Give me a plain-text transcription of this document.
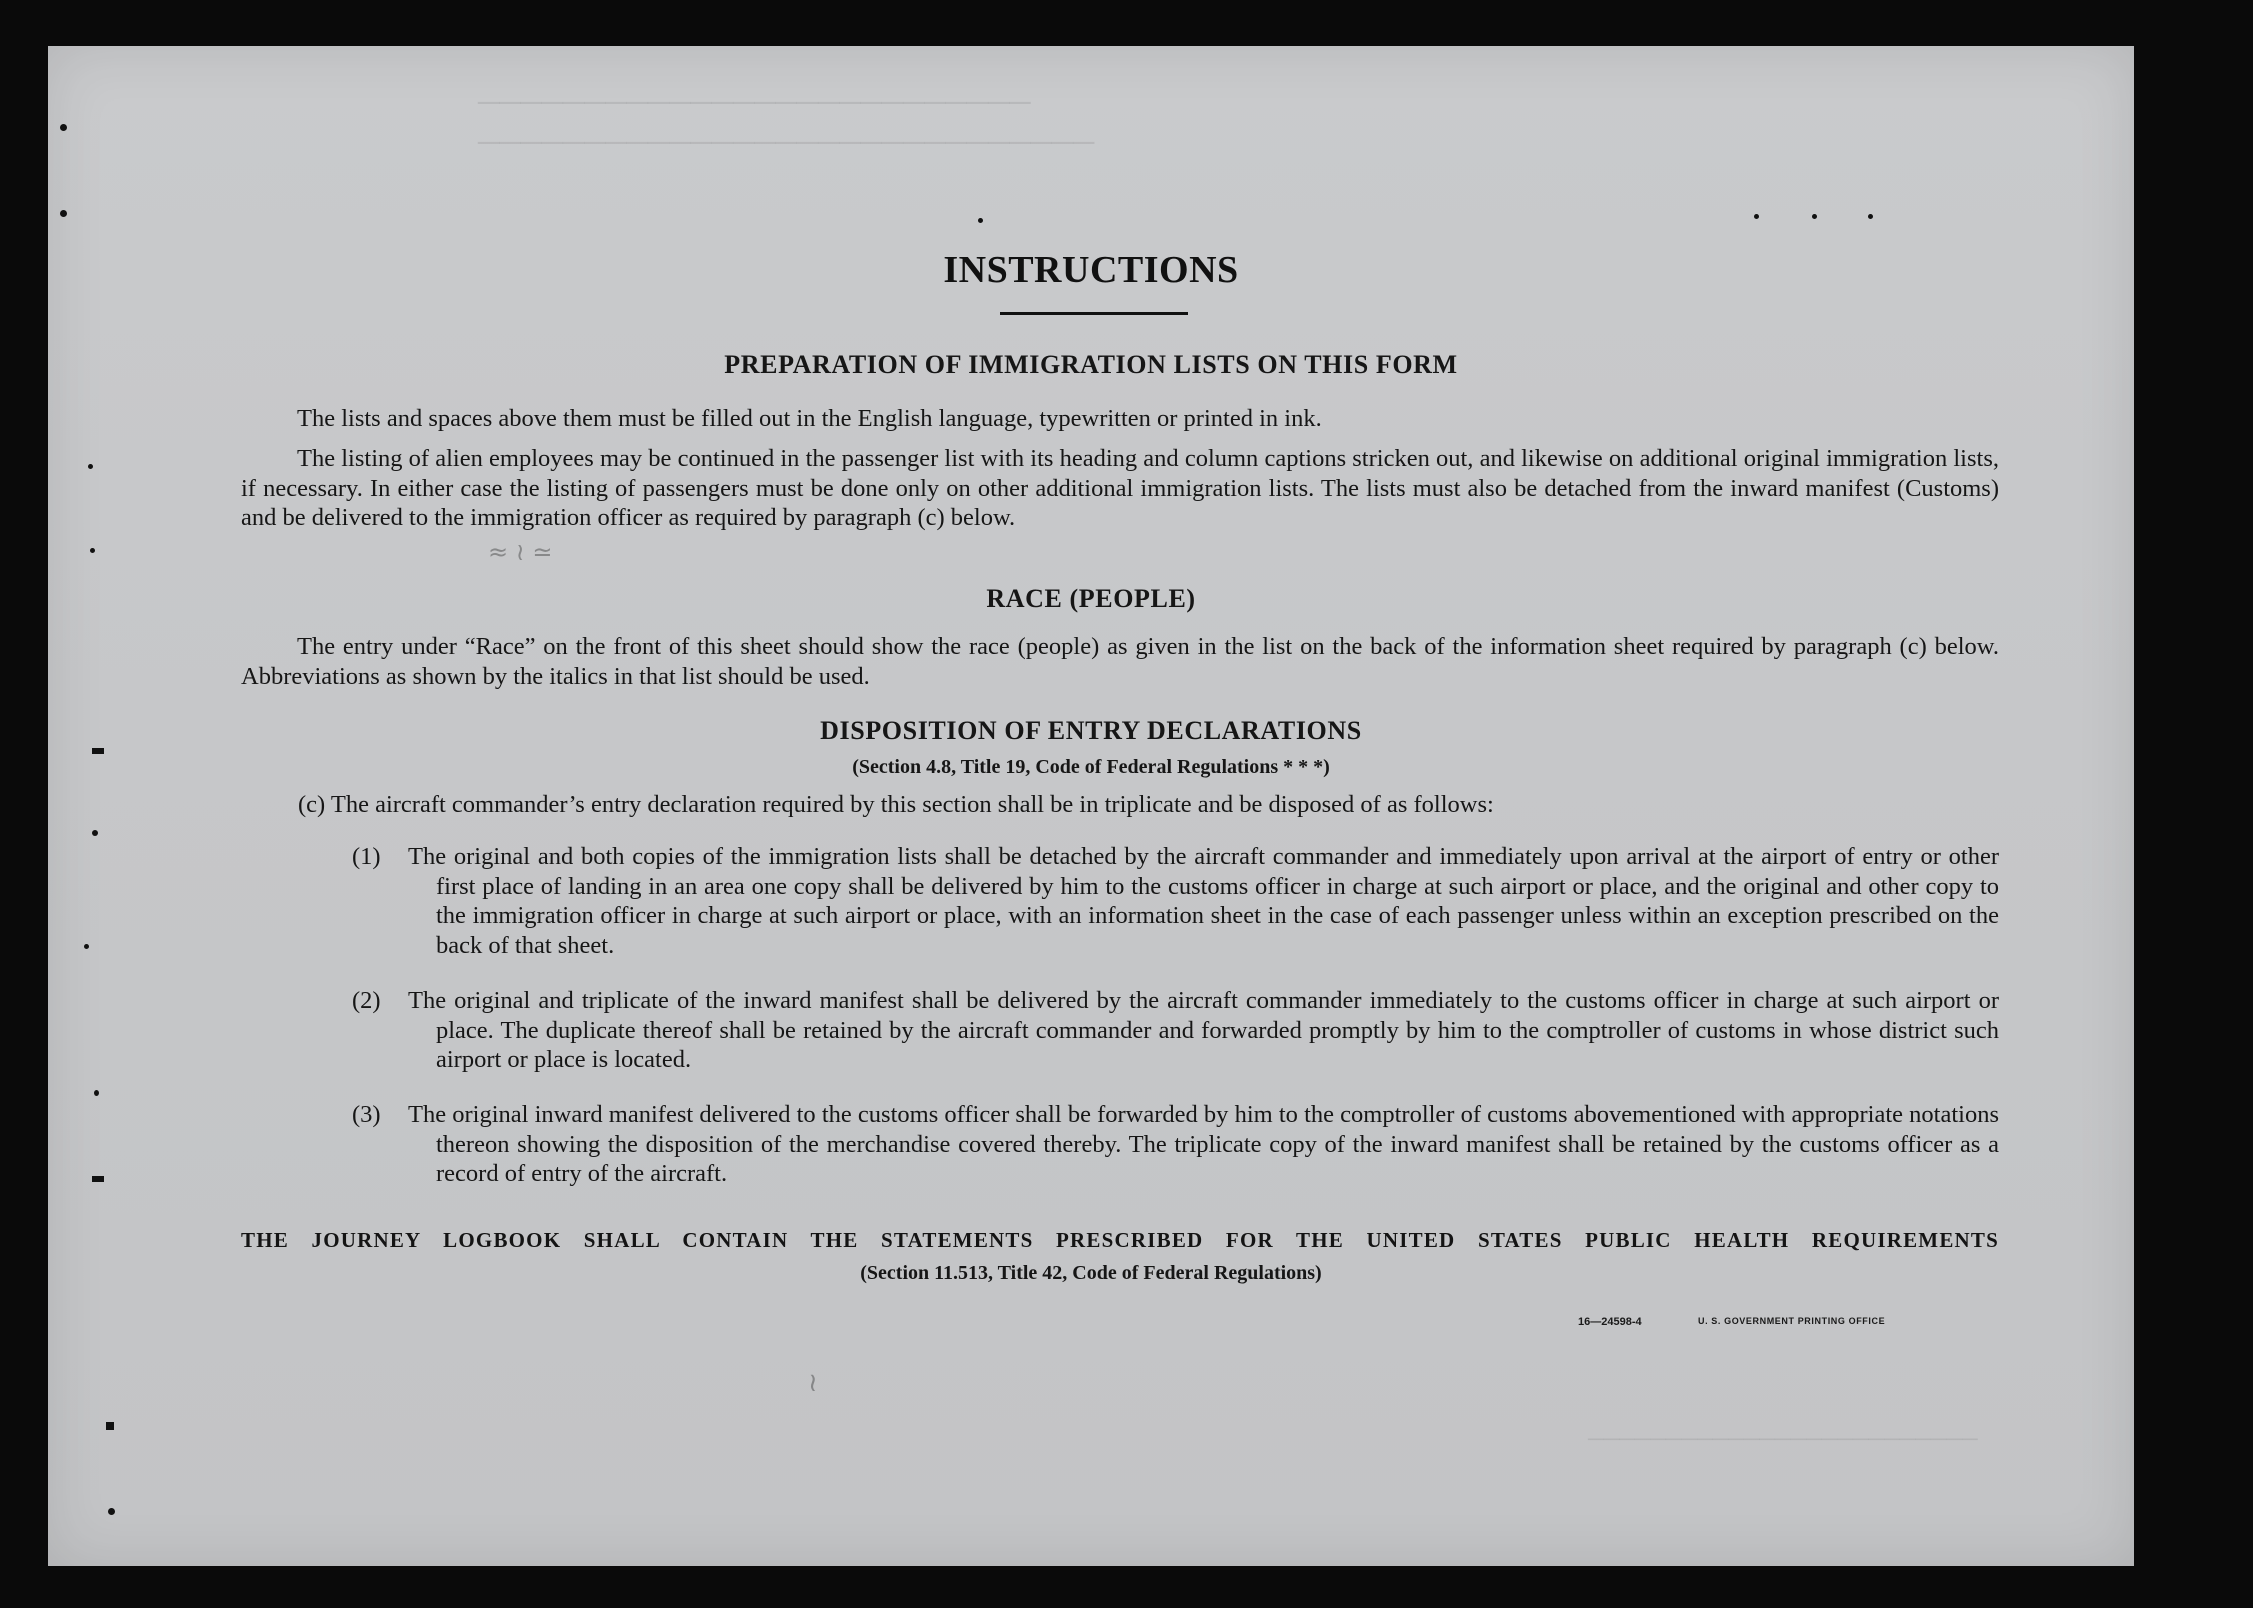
──────────────────────────
─────────────────────────────
─────────────────────────
≈ ≀ ≃
≀
INSTRUCTIONS
PREPARATION OF IMMIGRATION LISTS ON THIS FORM
The lists and spaces above them must be filled out in the English language, typewritten or printed in ink.
The listing of alien employees may be continued in the passenger list with its heading and column captions stricken out, and likewise on additional original immigration lists, if necessary. In either case the listing of passengers must be done only on other additional immigration lists. The lists must also be detached from the inward manifest (Customs) and be delivered to the immigration officer as required by paragraph (c) below.
RACE (PEOPLE)
The entry under “Race” on the front of this sheet should show the race (people) as given in the list on the back of the information sheet required by paragraph (c) below. Abbreviations as shown by the italics in that list should be used.
DISPOSITION OF ENTRY DECLARATIONS
(Section 4.8, Title 19, Code of Federal Regulations * * *)
(c) The aircraft commander’s entry declaration required by this section shall be in triplicate and be disposed of as follows:
(1)	The original and both copies of the immigration lists shall be detached by the aircraft commander and immediately upon arrival at the airport of entry or other first place of landing in an area one copy shall be delivered by him to the customs officer in charge at such airport or place, and the original and other copy to the immigration officer in charge at such airport or place, with an information sheet in the case of each passenger unless within an exception prescribed on the back of that sheet.
(2)	The original and triplicate of the inward manifest shall be delivered by the aircraft commander immediately to the customs officer in charge at such airport or place. The duplicate thereof shall be retained by the aircraft commander and forwarded promptly by him to the comptroller of customs in whose district such airport or place is located.
(3)	The original inward manifest delivered to the customs officer shall be forwarded by him to the comptroller of customs abovementioned with appropriate notations thereon showing the disposition of the merchandise covered thereby. The triplicate copy of the inward manifest shall be retained by the customs officer as a record of entry of the aircraft.
THE JOURNEY LOGBOOK SHALL CONTAIN THE STATEMENTS PRESCRIBED FOR THE UNITED STATES PUBLIC HEALTH REQUIREMENTS
(Section 11.513, Title 42, Code of Federal Regulations)
16—24598-4	U. S. GOVERNMENT PRINTING OFFICE
